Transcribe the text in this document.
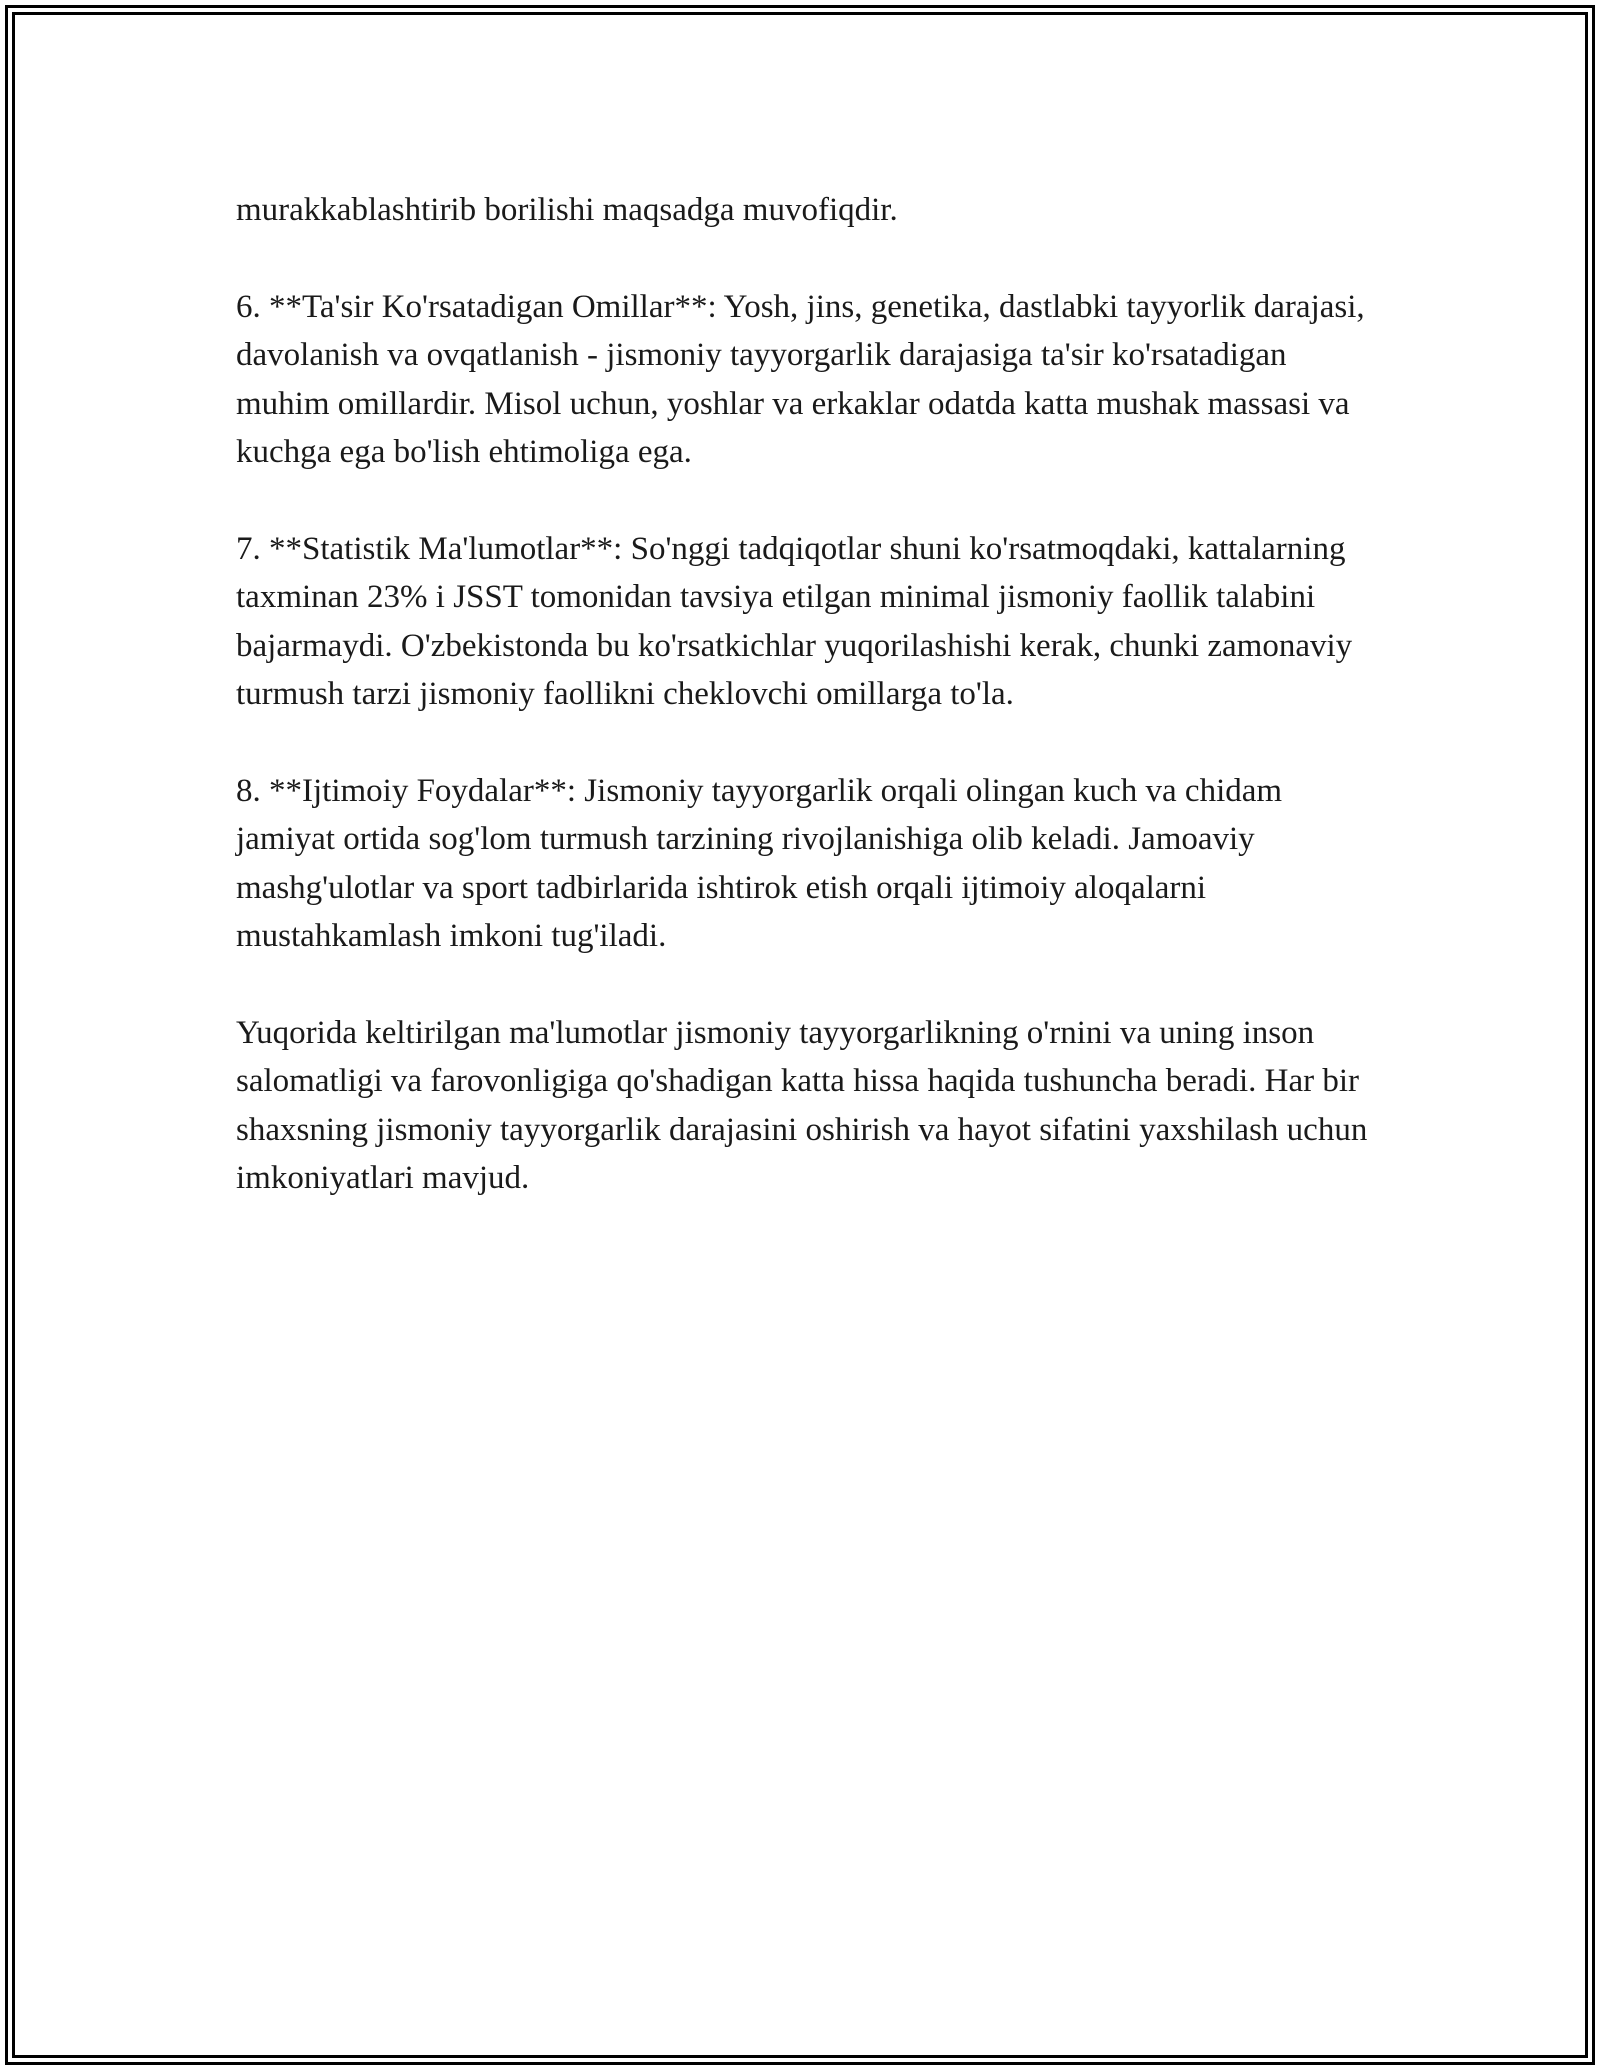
murakkablashtirib borilishi maqsadga muvofiqdir.

6. **Ta'sir Ko'rsatadigan Omillar**: Yosh, jins, genetika, dastlabki tayyorlik darajasi, davolanish va ovqatlanish - jismoniy tayyorgarlik darajasiga ta'sir ko'rsatadigan muhim omillardir. Misol uchun, yoshlar va erkaklar odatda katta mushak massasi va kuchga ega bo'lish ehtimoliga ega.

7. **Statistik Ma'lumotlar**: So'nggi tadqiqotlar shuni ko'rsatmoqdaki, kattalarning taxminan 23% i JSST tomonidan tavsiya etilgan minimal jismoniy faollik talabini bajarmaydi. O'zbekistonda bu ko'rsatkichlar yuqorilashishi kerak, chunki zamonaviy turmush tarzi jismoniy faollikni cheklovchi omillarga to'la.

8. **Ijtimoiy Foydalar**: Jismoniy tayyorgarlik orqali olingan kuch va chidam jamiyat ortida sog'lom turmush tarzining rivojlanishiga olib keladi. Jamoaviy mashg'ulotlar va sport tadbirlarida ishtirok etish orqali ijtimoiy aloqalarni mustahkamlash imkoni tug'iladi.

Yuqorida keltirilgan ma'lumotlar jismoniy tayyorgarlikning o'rnini va uning inson salomatligi va farovonligiga qo'shadigan katta hissa haqida tushuncha beradi. Har bir shaxsning jismoniy tayyorgarlik darajasini oshirish va hayot sifatini yaxshilash uchun imkoniyatlari mavjud.
